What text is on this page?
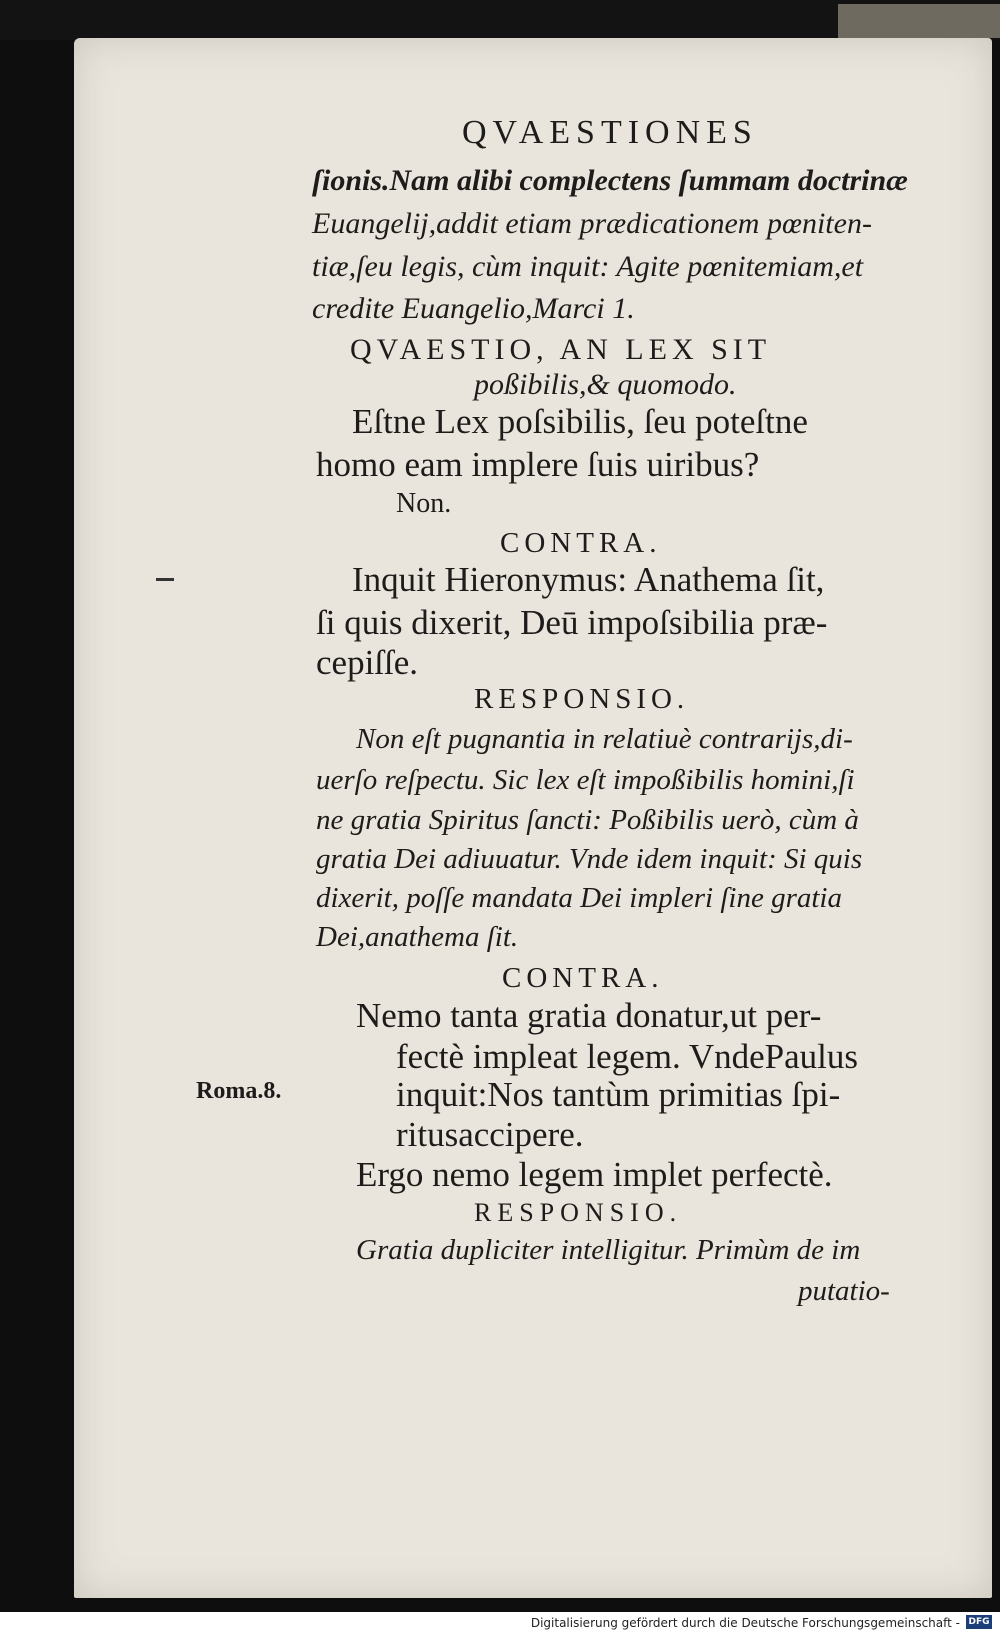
QVAESTIONES
ſionis.Nam alibi complectens ſummam doctrinæ
Euangelij,addit etiam prædicationem pœniten-
tiæ,ſeu legis, cùm inquit: Agite pœnitemiam,et
credite Euangelio,Marci 1.
QVAESTIO, AN LEX SIT
poßibilis,& quomodo.
Eſtne Lex poſsibilis, ſeu poteſtne
homo eam implere ſuis uiribus?
Non.
CONTRA.
Inquit Hieronymus: Anathema ſit,
ſi quis dixerit, Deū impoſsibilia præ-
cepiſſe.
RESPONSIO.
Non eſt pugnantia in relatiuè contrarijs,di-
uerſo reſpectu. Sic lex eſt impoßibilis homini,ſi
ne gratia Spiritus ſancti: Poßibilis uerò, cùm à
gratia Dei adiuuatur. Vnde idem inquit: Si quis
dixerit, poſſe mandata Dei impleri ſine gratia
Dei,anathema ſit.
CONTRA.
Nemo tanta gratia donatur,ut per-
fectè impleat legem. VndePaulus
Roma.8.	inquit:Nos tantùm primitias ſpi-
ritusaccipere.
Ergo nemo legem implet perfectè.
RESPONSIO.
Gratia dupliciter intelligitur. Primùm de im
putatio-
Digitalisierung gefördert durch die Deutsche Forschungsgemeinschaft - DFG
